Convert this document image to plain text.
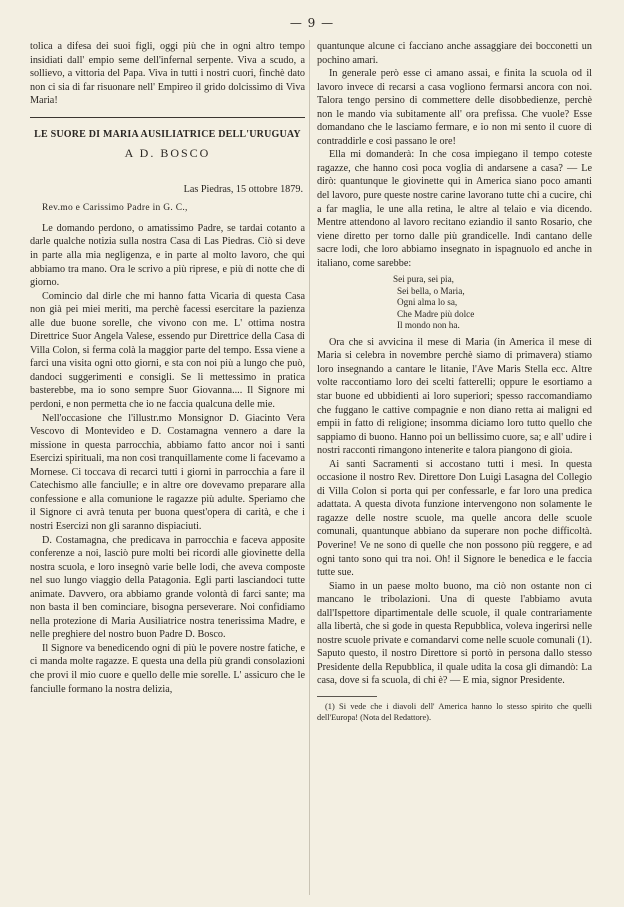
— 9 —

tolica a difesa dei suoi figli, oggi più che in ogni altro tempo insidiati dall' empio seme dell'infernal serpente. Viva a scudo, a sollievo, a vittoria del Papa. Viva in tutti i nostri cuori, finchè dato non ci sia di far risuonare nell' Empireo il grido dolcissimo di Viva Maria!

LE SUORE DI MARIA AUSILIATRICE DELL'URUGUAY
A D. BOSCO
Las Piedras, 15 ottobre 1879.
Rev.mo e Carissimo Padre in G. C.,

Le domando perdono, o amatissimo Padre, se tardai cotanto a darle qualche notizia sulla nostra Casa di Las Piedras. Ciò si deve in parte alla mia negligenza, e in parte al molto lavoro, che qui abbiamo tra mano. Ora le scrivo a più riprese, e più di notte che di giorno.

Comincio dal dirle che mi hanno fatta Vicaria di questa Casa non già pei miei meriti, ma perchè facessi esercitare la pazienza alle due buone sorelle, che vivono con me. L' ottima nostra Direttrice Suor Angela Valese, essendo pur Direttrice della Casa di Villa Colon, si ferma colà la maggior parte del tempo. Essa viene a farci una visita ogni otto giorni, e sta con noi più a lungo che può, dandoci suggerimenti e consigli. Se li mettessimo in pratica basterebbe, ma io sono sempre Suor Giovanna.... Il Signore mi perdoni, e non permetta che io ne faccia qualcuna delle mie.

Nell'occasione che l'illustr.mo Monsignor D. Giacinto Vera Vescovo di Montevideo e D. Costamagna vennero a dare la missione in questa parrocchia, abbiamo fatto ancor noi i santi Esercizi spirituali, ma non così tranquillamente come li facevamo a Mornese. Ci toccava di recarci tutti i giorni in parrocchia a fare il Catechismo alle fanciulle; e in altre ore dovevamo preparare alla confessione e alla comunione le ragazze più adulte. Speriamo che il Signore ci avrà tenuta per buona quest'opera di carità, e che i nostri Esercizi non gli saranno dispiaciuti.

D. Costamagna, che predicava in parrocchia e faceva apposite conferenze a noi, lasciò pure molti bei ricordi alle giovinette della nostra scuola, e loro insegnò varie belle lodi, che aveva composte nel suo lungo viaggio della Patagonia. Egli parti lasciandoci tutte animate. Davvero, ora abbiamo grande volontà di farci sante; ma non basta il ben cominciare, bisogna perseverare. Noi confidiamo nella protezione di Maria Ausiliatrice nostra tenerissima Madre, e nelle preghiere del nostro buon Padre D. Bosco.

Il Signore va benedicendo ogni di più le povere nostre fatiche, e ci manda molte ragazze. E questa una della più grandi consolazioni che provi il mio cuore e quello delle mie sorelle. L' assicuro che le fanciulle formano la nostra delizia,

quantunque alcune ci facciano anche assaggiare dei bocconetti un pochino amari.

In generale però esse ci amano assai, e finita la scuola od il lavoro invece di recarsi a casa vogliono fermarsi ancora con noi. Talora tengo persino di commettere delle disobbedienze, perchè non le mando via subitamente all' ora prefissa. Che vuole? Esse domandano che le lasciamo fermare, e io non mi sento il cuore di contraddirle e così passano le ore!

Ella mi domanderà: In che cosa impiegano il tempo coteste ragazze, che hanno così poca voglia di andarsene a casa? — Le dirò: quantunque le giovinette qui in America siano poco amanti del lavoro, pure queste nostre carine lavorano tutte chi a cucire, chi a far maglia, le une alla retina, le altre al telaio e via dicendo. Mentre attendono al lavoro recitano eziandio il santo Rosario, che viene diretto per torno dalle più grandicelle. Indi cantano delle sacre lodi, che loro abbiamo insegnato in ispagnuolo ed anche in italiano, come sarebbe:

Sei pura, sei pia,
Sei bella, o Maria,
Ogni alma lo sa,
Che Madre più dolce
Il mondo non ha.

Ora che si avvicina il mese di Maria (in America il mese di Maria si celebra in novembre perchè siamo di primavera) stiamo loro insegnando a cantare le litanie, l'Ave Maris Stella ecc. Altre volte raccontiamo loro dei scelti fatterelli; oppure le esortiamo a star buone ed ubbidienti ai loro superiori; spesso raccomandiamo che fuggano le cattive compagnie e non diano retta ai maligni ed empii in fatto di religione; insomma diciamo loro tutto quello che sappiamo di buono. Hanno poi un bellissimo cuore, sa; e all' udire i nostri racconti rimangono intenerite e talora piangono di gioia.

Ai santi Sacramenti si accostano tutti i mesi. In questa occasione il nostro Rev. Direttore Don Luigi Lasagna del Collegio di Villa Colon si porta qui per confessarle, e far loro una predica adattata. A questa divota funzione intervengono non solamente le ragazze delle nostre scuole, ma quelle ancora delle scuole comunali, quantunque abbiano da superare non poche difficoltà. Poverine! Ve ne sono di quelle che non possono più reggere, e ad ogni tanto sono qui tra noi. Oh! il Signore le benedica e le faccia tutte sue.

Siamo in un paese molto buono, ma ciò non ostante non ci mancano le tribolazioni. Una di queste l'abbiamo avuta dall'Ispettore dipartimentale delle scuole, il quale contrariamente alla libertà, che si gode in questa Repubblica, voleva ingerirsi nelle nostre scuole private e comandarvi come nelle scuole comunali (1). Saputo questo, il nostro Direttore si portò in persona dallo stesso Presidente della Repubblica, il quale udita la cosa gli dimandò: La casa, dove si fa scuola, di chi è? — E mia, signor Presidente.

(1) Si vede che i diavoli dell' America hanno lo stesso spirito che quelli dell'Europa! (Nota del Redattore).
